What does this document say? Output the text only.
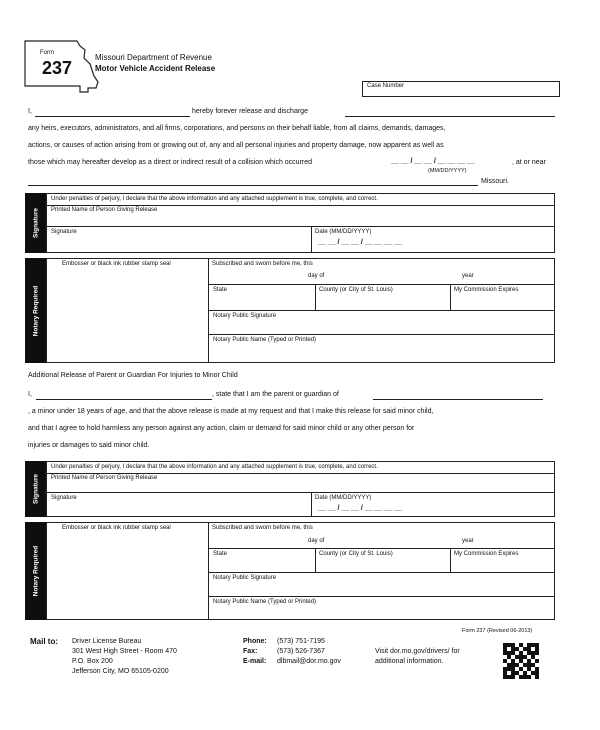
Form
237
Missouri Department of Revenue
Motor Vehicle Accident Release
Case Number
I,	hereby forever release and discharge
any heirs, executors, administrators, and all firms, corporations, and persons on their behalf liable, from all claims, demands, damages,
actions, or causes of action arising from or growing out of, any and all personal injuries and property damage, now apparent as well as
those which may hereafter develop as a direct or indirect result of a collision which occurred	__ __ / __ __ / __ __ __ __	, at or near
(MM/DD/YYYY)
Missouri.
Signature
Under penalties of perjury, I declare that the above information and any attached supplement is true, complete, and correct.
Printed Name of Person Giving Release
Signature	Date (MM/DD/YYYY)
__ __ / __ __ / __ __ __ __
Notary Required
Embosser or black ink rubber stamp seal	Subscribed and sworn before me, this
day of	year
State	County (or City of St. Louis)	My Commission Expires
Notary Public Signature
Notary Public Name (Typed or Printed)
Additional Release of Parent or Guardian For Injuries to Minor Child
I,	, state that I am the parent or guardian of
, a minor under 18 years of age, and that the above release is made at my request and that I make this release for said minor child,
and that I agree to hold harmless any person against any action, claim or demand for said minor child or any other person for
injuries or damages to said minor child.
Signature
Under penalties of perjury, I declare that the above information and any attached supplement is true, complete, and correct.
Printed Name of Person Giving Release
Signature	Date (MM/DD/YYYY)
__ __ / __ __ / __ __ __ __
Notary Required
Embosser or black ink rubber stamp seal	Subscribed and sworn before me, this
day of	year
State	County (or City of St. Louis)	My Commission Expires
Notary Public Signature
Notary Public Name (Typed or Printed)
Form 237 (Revised 06-2013)
Mail to: Driver License Bureau
301 West High Street - Room 470
P.O. Box 200
Jefferson City, MO 65105-0200
Phone: (573) 751-7195
Fax:	(573) 526-7367
E-mail: dlbmail@dor.mo.gov
Visit dor.mo.gov/drivers/ for
additional information.
